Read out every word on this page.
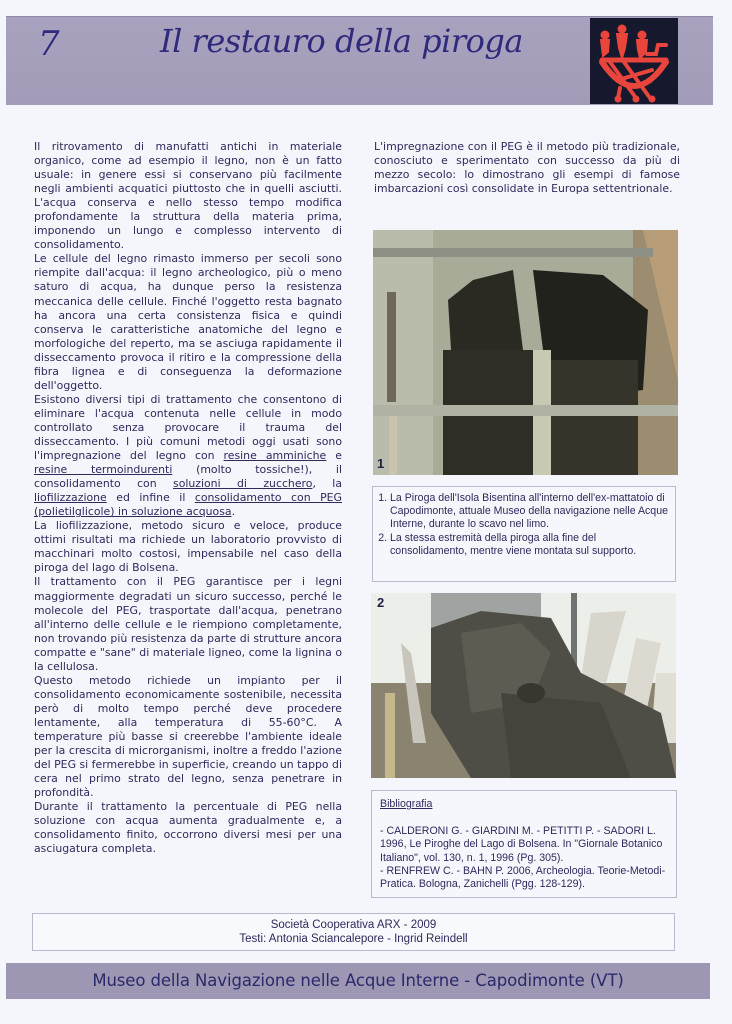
7	Il restauro della piroga

Il ritrovamento di manufatti antichi in materiale organico, come ad esempio il legno, non è un fatto usuale: in genere essi si conservano più facilmente negli ambienti acquatici piuttosto che in quelli asciutti. L'acqua conserva e nello stesso tempo modifica profondamente la struttura della materia prima, imponendo un lungo e complesso intervento di consolidamento.

Le cellule del legno rimasto immerso per secoli sono riempite dall'acqua: il legno archeologico, più o meno saturo di acqua, ha dunque perso la resistenza meccanica delle cellule. Finché l'oggetto resta bagnato ha ancora una certa consistenza fisica e quindi conserva le caratteristiche anatomiche del legno e morfologiche del reperto, ma se asciuga rapidamente il disseccamento provoca il ritiro e la compressione della fibra lignea e di conseguenza la deformazione dell'oggetto.

Esistono diversi tipi di trattamento che consentono di eliminare l'acqua contenuta nelle cellule in modo controllato senza provocare il trauma del disseccamento. I più comuni metodi oggi usati sono l'impregnazione del legno con resine amminiche e resine termoindurenti (molto tossiche!), il consolidamento con soluzioni di zucchero, la liofilizzazione ed infine il consolidamento con PEG (polietilglicole) in soluzione acquosa.

La liofilizzazione, metodo sicuro e veloce, produce ottimi risultati ma richiede un laboratorio provvisto di macchinari molto costosi, impensabile nel caso della piroga del lago di Bolsena.

Il trattamento con il PEG garantisce per i legni maggiormente degradati un sicuro successo, perché le molecole del PEG, trasportate dall'acqua, penetrano all'interno delle cellule e le riempiono completamente, non trovando più resistenza da parte di strutture ancora compatte e "sane" di materiale ligneo, come la lignina o la cellulosa.

Questo metodo richiede un impianto per il consolidamento economicamente sostenibile, necessita però di molto tempo perché deve procedere lentamente, alla temperatura di 55-60°C. A temperature più basse si creerebbe l'ambiente ideale per la crescita di microrganismi, inoltre a freddo l'azione del PEG si fermerebbe in superficie, creando un tappo di cera nel primo strato del legno, senza penetrare in profondità.

Durante il trattamento la percentuale di PEG nella soluzione con acqua aumenta gradualmente e, a consolidamento finito, occorrono diversi mesi per una asciugatura completa.

L'impregnazione con il PEG è il metodo più tradizionale, conosciuto e sperimentato con successo da più di mezzo secolo: lo dimostrano gli esempi di famose imbarcazioni così consolidate in Europa settentrionale.
1
1. La Piroga dell'Isola Bisentina all'interno dell'ex-mattatoio di Capodimonte, attuale Museo della navigazione nelle Acque Interne, durante lo scavo nel limo.
2. La stessa estremità della piroga alla fine del consolidamento, mentre viene montata sul supporto.
2
Bibliografia

- CALDERONI G. - GIARDINI M. - PETITTI P. - SADORI L. 1996, Le Piroghe del Lago di Bolsena. In "Giornale Botanico Italiano", vol. 130, n. 1, 1996 (Pg. 305).

- RENFREW C. - BAHN P. 2006, Archeologia. Teorie-Metodi-Pratica. Bologna, Zanichelli (Pgg. 128-129).

Società Cooperativa ARX - 2009
Testi: Antonia Sciancalepore - Ingrid Reindell
Museo della Navigazione nelle Acque Interne - Capodimonte (VT)
